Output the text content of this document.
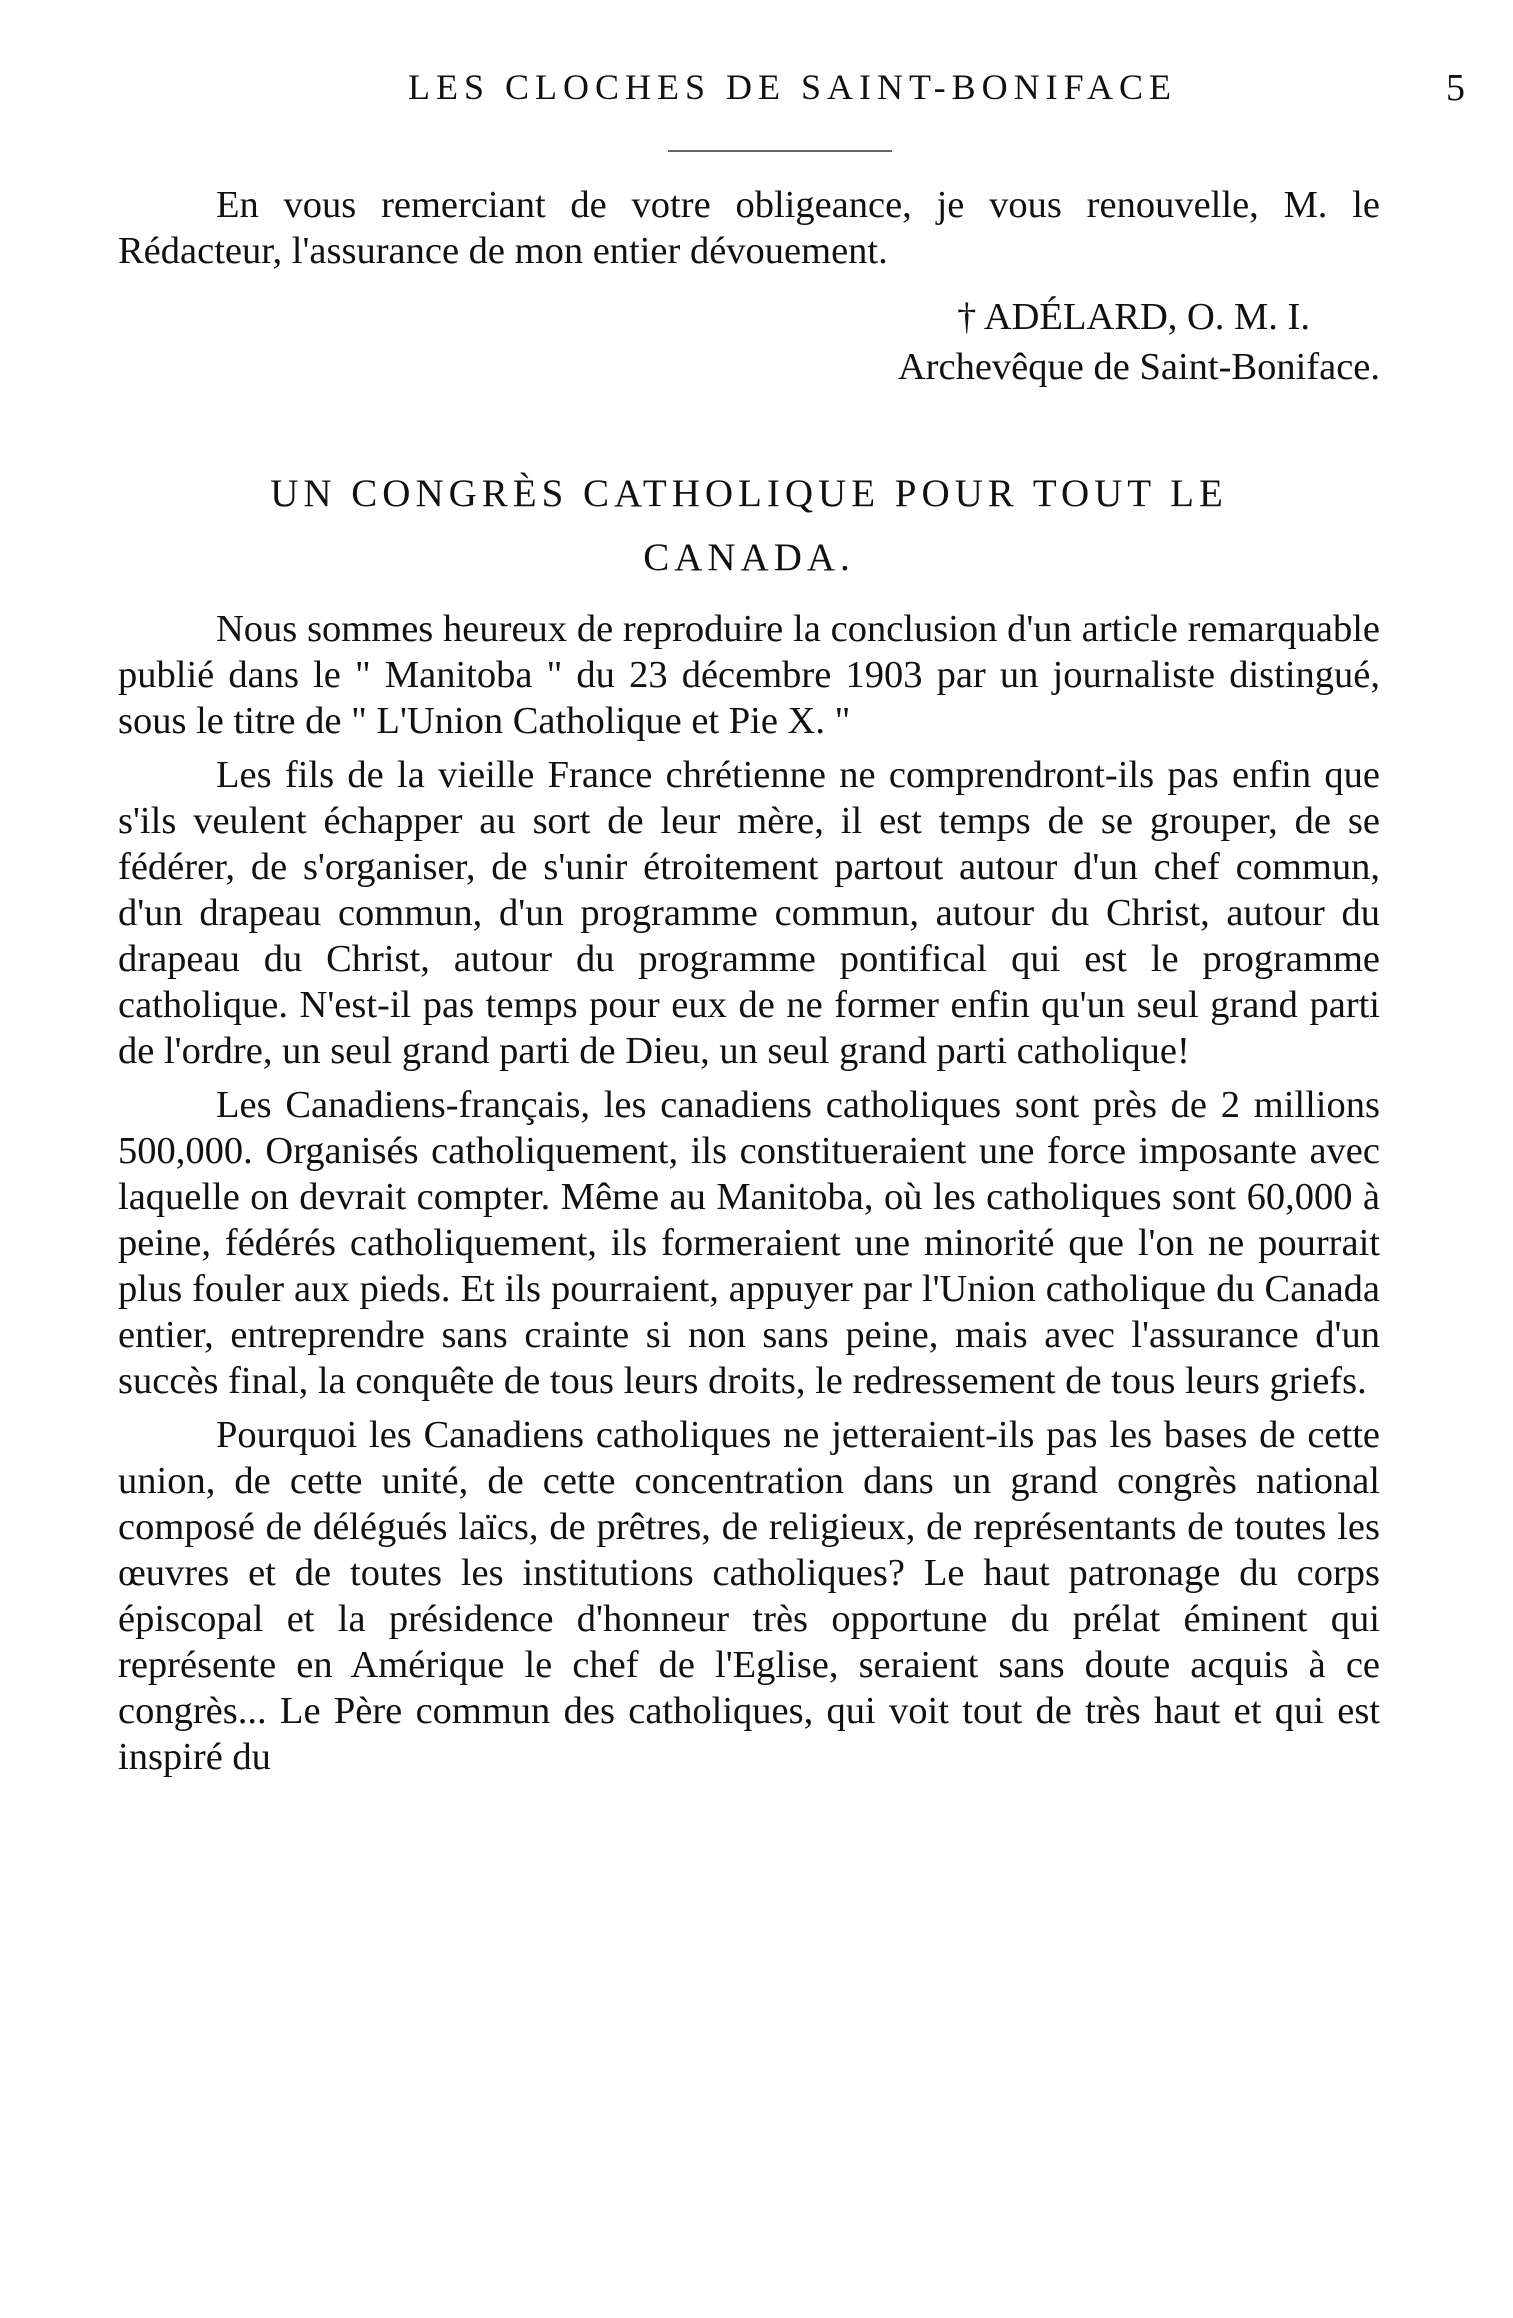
LES CLOCHES DE SAINT-BONIFACE	5

En vous remerciant de votre obligeance, je vous renouvelle, M. le Rédacteur, l'assurance de mon entier dévouement.

† ADÉLARD, O. M. I.
Archevêque de Saint-Boniface.
UN CONGRÈS CATHOLIQUE POUR TOUT LE
CANADA.

Nous sommes heureux de reproduire la conclusion d'un article remarquable publié dans le " Manitoba " du 23 décembre 1903 par un journaliste distingué, sous le titre de " L'Union Catholique et Pie X. "

Les fils de la vieille France chrétienne ne comprendront-ils pas enfin que s'ils veulent échapper au sort de leur mère, il est temps de se grouper, de se fédérer, de s'organiser, de s'unir étroitement partout autour d'un chef commun, d'un drapeau commun, d'un programme commun, autour du Christ, autour du drapeau du Christ, autour du programme pontifical qui est le programme catholique. N'est-il pas temps pour eux de ne former enfin qu'un seul grand parti de l'ordre, un seul grand parti de Dieu, un seul grand parti catholique!

Les Canadiens-français, les canadiens catholiques sont près de 2 millions 500,000. Organisés catholiquement, ils constitueraient une force imposante avec laquelle on devrait compter. Même au Manitoba, où les catholiques sont 60,000 à peine, fédérés catholiquement, ils formeraient une minorité que l'on ne pourrait plus fouler aux pieds. Et ils pourraient, appuyer par l'Union catholique du Canada entier, entreprendre sans crainte si non sans peine, mais avec l'assurance d'un succès final, la conquête de tous leurs droits, le redressement de tous leurs griefs.

Pourquoi les Canadiens catholiques ne jetteraient-ils pas les bases de cette union, de cette unité, de cette concentration dans un grand congrès national composé de délégués laïcs, de prêtres, de religieux, de représentants de toutes les œuvres et de toutes les institutions catholiques? Le haut patronage du corps épiscopal et la présidence d'honneur très opportune du prélat éminent qui représente en Amérique le chef de l'Eglise, seraient sans doute acquis à ce congrès... Le Père commun des catholiques, qui voit tout de très haut et qui est inspiré du
